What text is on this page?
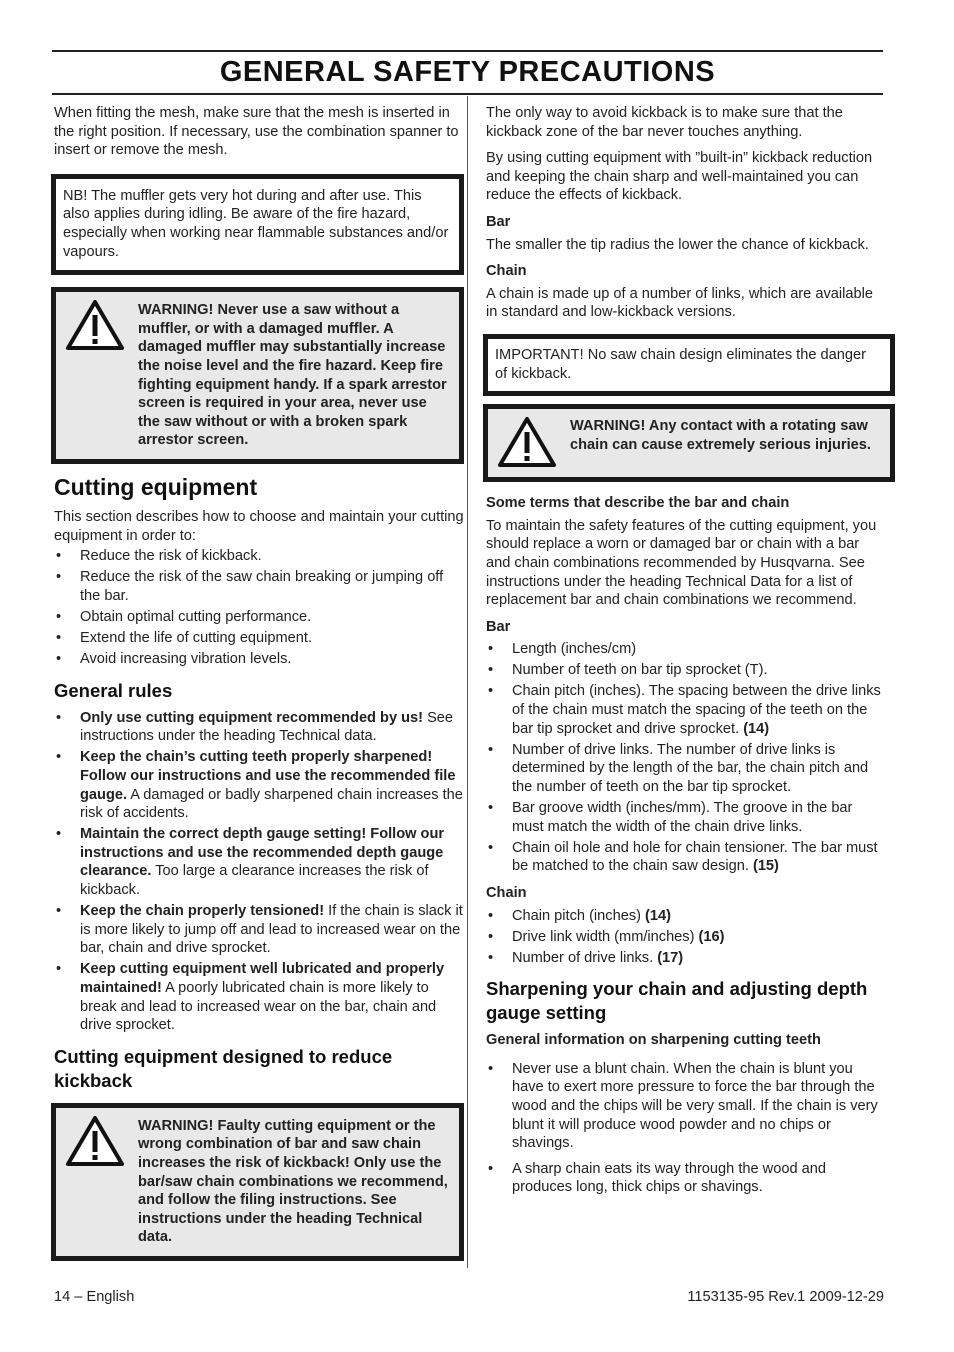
GENERAL SAFETY PRECAUTIONS

When fitting the mesh, make sure that the mesh is inserted in the right position. If necessary, use the combination spanner to insert or remove the mesh.

NB! The muffler gets very hot during and after use. This also applies during idling. Be aware of the fire hazard, especially when working near flammable substances and/or vapours.
WARNING! Never use a saw without a muffler, or with a damaged muffler. A damaged muffler may substantially increase the noise level and the fire hazard. Keep fire fighting equipment handy. If a spark arrestor screen is required in your area, never use the saw without or with a broken spark arrestor screen.
Cutting equipment

This section describes how to choose and maintain your cutting equipment in order to:

• Reduce the risk of kickback.
• Reduce the risk of the saw chain breaking or jumping off the bar.
• Obtain optimal cutting performance.
• Extend the life of cutting equipment.
• Avoid increasing vibration levels.
General rules
• Only use cutting equipment recommended by us! See instructions under the heading Technical data.
• Keep the chain’s cutting teeth properly sharpened! Follow our instructions and use the recommended file gauge. A damaged or badly sharpened chain increases the risk of accidents.
• Maintain the correct depth gauge setting! Follow our instructions and use the recommended depth gauge clearance. Too large a clearance increases the risk of kickback.
• Keep the chain properly tensioned! If the chain is slack it is more likely to jump off and lead to increased wear on the bar, chain and drive sprocket.
• Keep cutting equipment well lubricated and properly maintained! A poorly lubricated chain is more likely to break and lead to increased wear on the bar, chain and drive sprocket.
Cutting equipment designed to reduce kickback
WARNING! Faulty cutting equipment or the wrong combination of bar and saw chain increases the risk of kickback! Only use the bar/saw chain combinations we recommend, and follow the filing instructions. See instructions under the heading Technical data.

The only way to avoid kickback is to make sure that the kickback zone of the bar never touches anything.

By using cutting equipment with ”built-in” kickback reduction and keeping the chain sharp and well-maintained you can reduce the effects of kickback.

Bar

The smaller the tip radius the lower the chance of kickback.

Chain

A chain is made up of a number of links, which are available in standard and low-kickback versions.

IMPORTANT! No saw chain design eliminates the danger of kickback.
WARNING! Any contact with a rotating saw chain can cause extremely serious injuries.
Some terms that describe the bar and chain

To maintain the safety features of the cutting equipment, you should replace a worn or damaged bar or chain with a bar and chain combinations recommended by Husqvarna. See instructions under the heading Technical Data for a list of replacement bar and chain combinations we recommend.

Bar
• Length (inches/cm)
• Number of teeth on bar tip sprocket (T).
• Chain pitch (inches). The spacing between the drive links of the chain must match the spacing of the teeth on the bar tip sprocket and drive sprocket. (14)
• Number of drive links. The number of drive links is determined by the length of the bar, the chain pitch and the number of teeth on the bar tip sprocket.
• Bar groove width (inches/mm). The groove in the bar must match the width of the chain drive links.
• Chain oil hole and hole for chain tensioner. The bar must be matched to the chain saw design. (15)
Chain
• Chain pitch (inches) (14)
• Drive link width (mm/inches) (16)
• Number of drive links. (17)
Sharpening your chain and adjusting depth gauge setting
General information on sharpening cutting teeth
• Never use a blunt chain. When the chain is blunt you have to exert more pressure to force the bar through the wood and the chips will be very small. If the chain is very blunt it will produce wood powder and no chips or shavings.
• A sharp chain eats its way through the wood and produces long, thick chips or shavings.
14 – English	1153135-95 Rev.1 2009-12-29
